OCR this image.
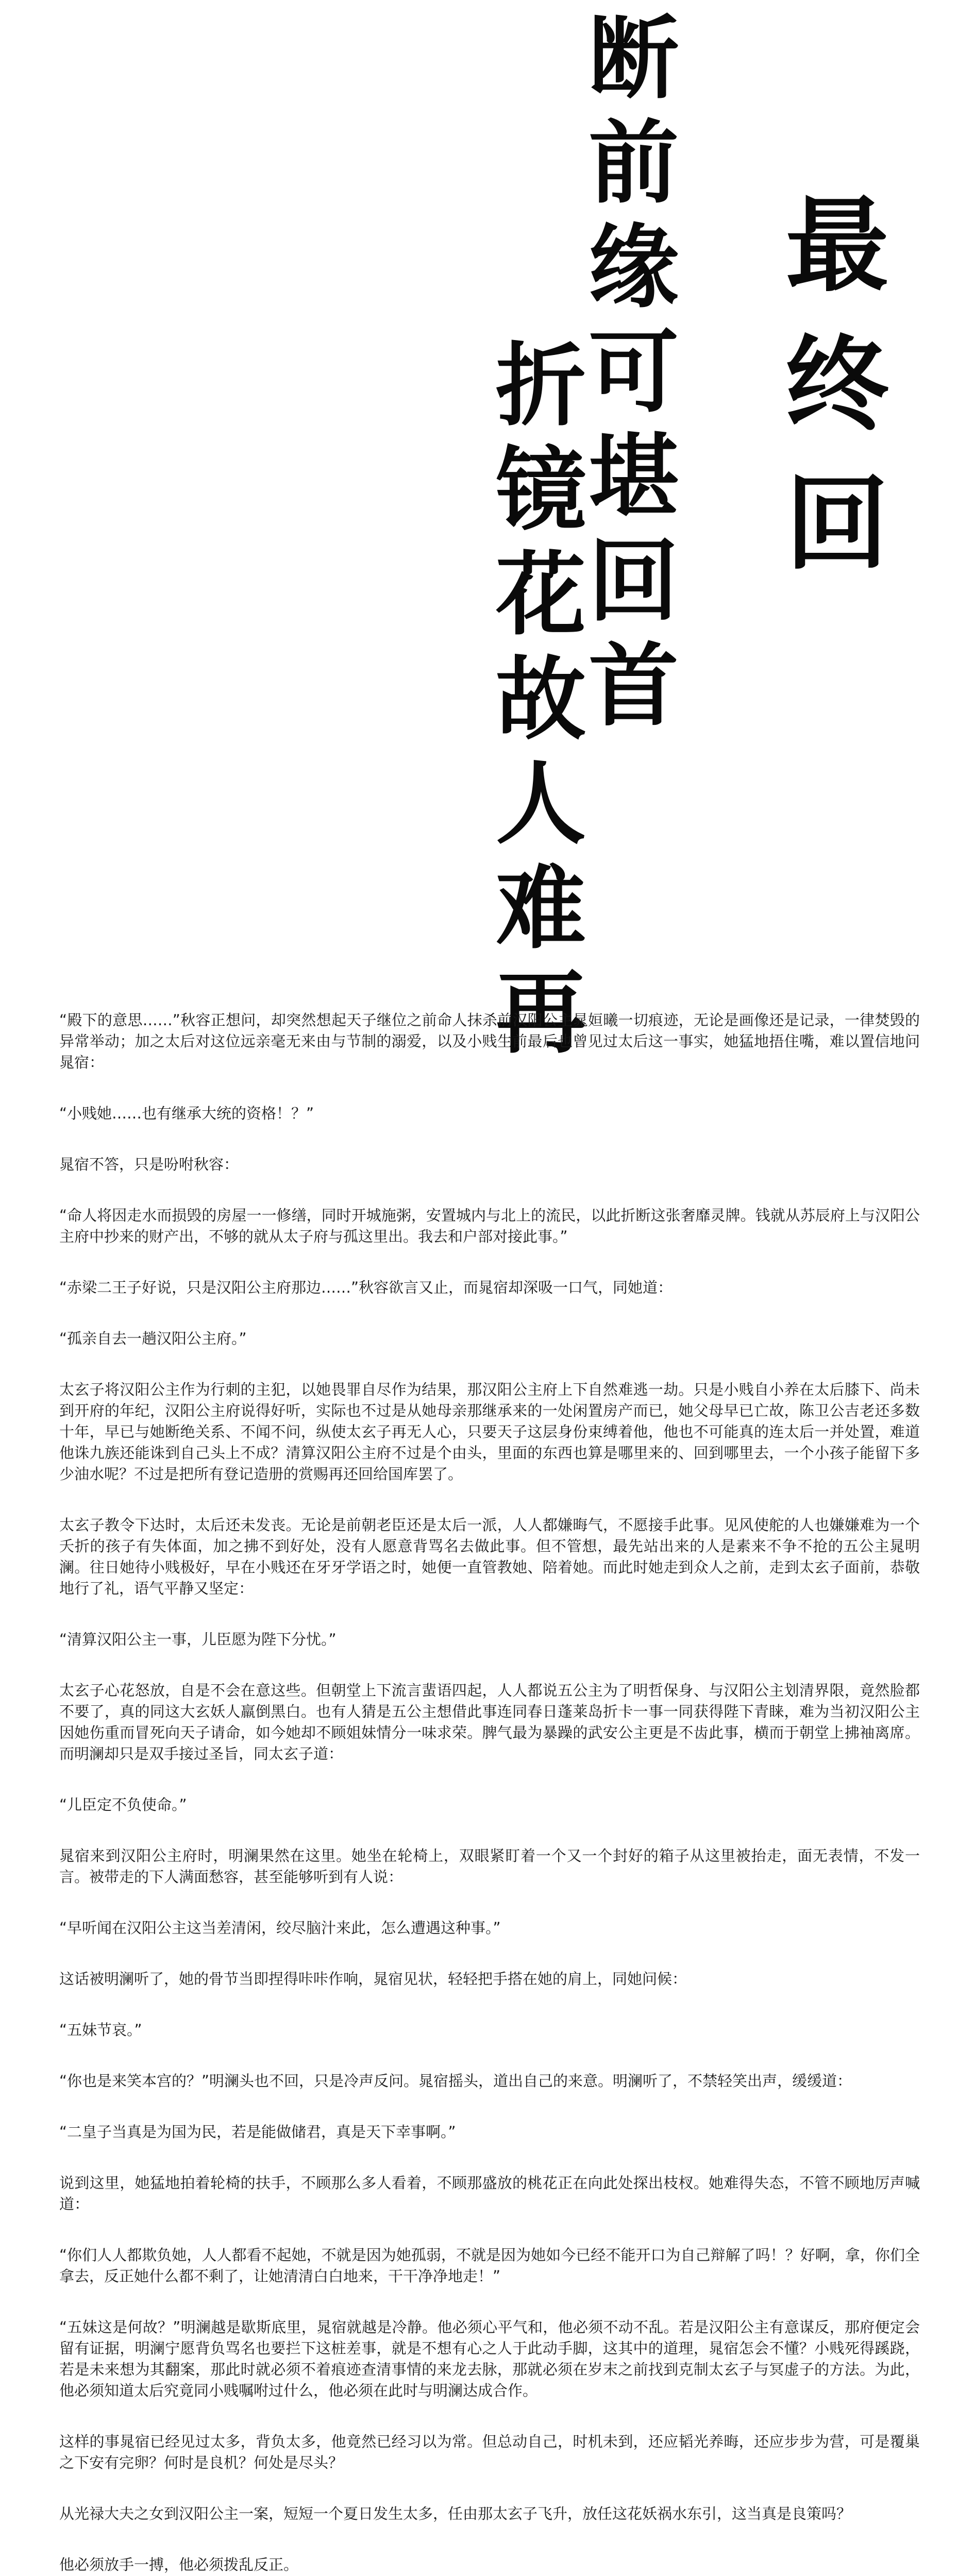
最终回
断前缘可堪回首
折镜花故人难再

“殿下的意思……”秋容正想问，却突然想起天子继位之前命人抹杀前汉阳公主晁姮曦一切痕迹，无论是画像还是记录，一律焚毁的异常举动；加之太后对这位远亲毫无来由与节制的溺爱，以及小贱生前最后也曾见过太后这一事实，她猛地捂住嘴，难以置信地问晁宿：

“小贱她……也有继承大统的资格！？”

晁宿不答，只是吩咐秋容：

“命人将因走水而损毁的房屋一一修缮，同时开城施粥，安置城内与北上的流民，以此折断这张奢靡灵牌。钱就从苏辰府上与汉阳公主府中抄来的财产出，不够的就从太子府与孤这里出。我去和户部对接此事。”

“赤梁二王子好说，只是汉阳公主府那边……”秋容欲言又止，而晁宿却深吸一口气，同她道：

“孤亲自去一趟汉阳公主府。”

太玄子将汉阳公主作为行刺的主犯，以她畏罪自尽作为结果，那汉阳公主府上下自然难逃一劫。只是小贱自小养在太后膝下、尚未到开府的年纪，汉阳公主府说得好听，实际也不过是从她母亲那继承来的一处闲置房产而已，她父母早已亡故，陈卫公吉老还多数十年，早已与她断绝关系、不闻不问，纵使太玄子再无人心，只要天子这层身份束缚着他，他也不可能真的连太后一并处置，难道他诛九族还能诛到自己头上不成？清算汉阳公主府不过是个由头，里面的东西也算是哪里来的、回到哪里去，一个小孩子能留下多少油水呢？不过是把所有登记造册的赏赐再还回给国库罢了。

太玄子教令下达时，太后还未发丧。无论是前朝老臣还是太后一派，人人都嫌晦气，不愿接手此事。见风使舵的人也嫌嫌难为一个夭折的孩子有失体面，加之拂不到好处，没有人愿意背骂名去做此事。但不管想，最先站出来的人是素来不争不抢的五公主晁明澜。往日她待小贱极好，早在小贱还在牙牙学语之时，她便一直管教她、陪着她。而此时她走到众人之前，走到太玄子面前，恭敬地行了礼，语气平静又坚定：

“清算汉阳公主一事，儿臣愿为陛下分忧。”

太玄子心花怒放，自是不会在意这些。但朝堂上下流言蜚语四起，人人都说五公主为了明哲保身、与汉阳公主划清界限，竟然脸都不要了，真的同这大玄妖人羸倒黑白。也有人猜是五公主想借此事连同春日蓬莱岛折卡一事一同获得陛下青睐，难为当初汉阳公主因她伤重而冒死向天子请命，如今她却不顾姐妹情分一味求荣。脾气最为暴躁的武安公主更是不齿此事，横而于朝堂上拂袖离席。而明澜却只是双手接过圣旨，同太玄子道：

“儿臣定不负使命。”

晁宿来到汉阳公主府时，明澜果然在这里。她坐在轮椅上，双眼紧盯着一个又一个封好的箱子从这里被抬走，面无表情，不发一言。被带走的下人满面愁容，甚至能够听到有人说：

“早听闻在汉阳公主这当差清闲，绞尽脑汁来此，怎么遭遇这种事。”

这话被明澜听了，她的骨节当即捏得咔咔作响，晁宿见状，轻轻把手搭在她的肩上，同她问候：

“五妹节哀。”

“你也是来笑本宫的？”明澜头也不回，只是冷声反问。晁宿摇头，道出自己的来意。明澜听了，不禁轻笑出声，缓缓道：

“二皇子当真是为国为民，若是能做储君，真是天下幸事啊。”

说到这里，她猛地拍着轮椅的扶手，不顾那么多人看着，不顾那盛放的桃花正在向此处探出枝杈。她难得失态，不管不顾地厉声喊道：

“你们人人都欺负她，人人都看不起她，不就是因为她孤弱，不就是因为她如今已经不能开口为自己辩解了吗！？好啊，拿，你们全拿去，反正她什么都不剩了，让她清清白白地来，干干净净地走！”

“五妹这是何故？”明澜越是歇斯底里，晁宿就越是冷静。他必须心平气和，他必须不动不乱。若是汉阳公主有意谋反，那府便定会留有证据，明澜宁愿背负骂名也要拦下这桩差事，就是不想有心之人于此动手脚，这其中的道理，晁宿怎会不懂？小贱死得蹊跷，若是未来想为其翻案，那此时就必须不着痕迹查清事情的来龙去脉，那就必须在岁末之前找到克制太玄子与冥虚子的方法。为此，他必须知道太后究竟同小贱嘱咐过什么，他必须在此时与明澜达成合作。

这样的事晁宿已经见过太多，背负太多，他竟然已经习以为常。但总动自己，时机未到，还应韬光养晦，还应步步为营，可是覆巢之下安有完卵？何时是良机？何处是尽头？

从光禄大夫之女到汉阳公主一案，短短一个夏日发生太多，任由那太玄子飞升，放任这花妖祸水东引，这当真是良策吗？

他必须放手一搏，他必须拨乱反正。
